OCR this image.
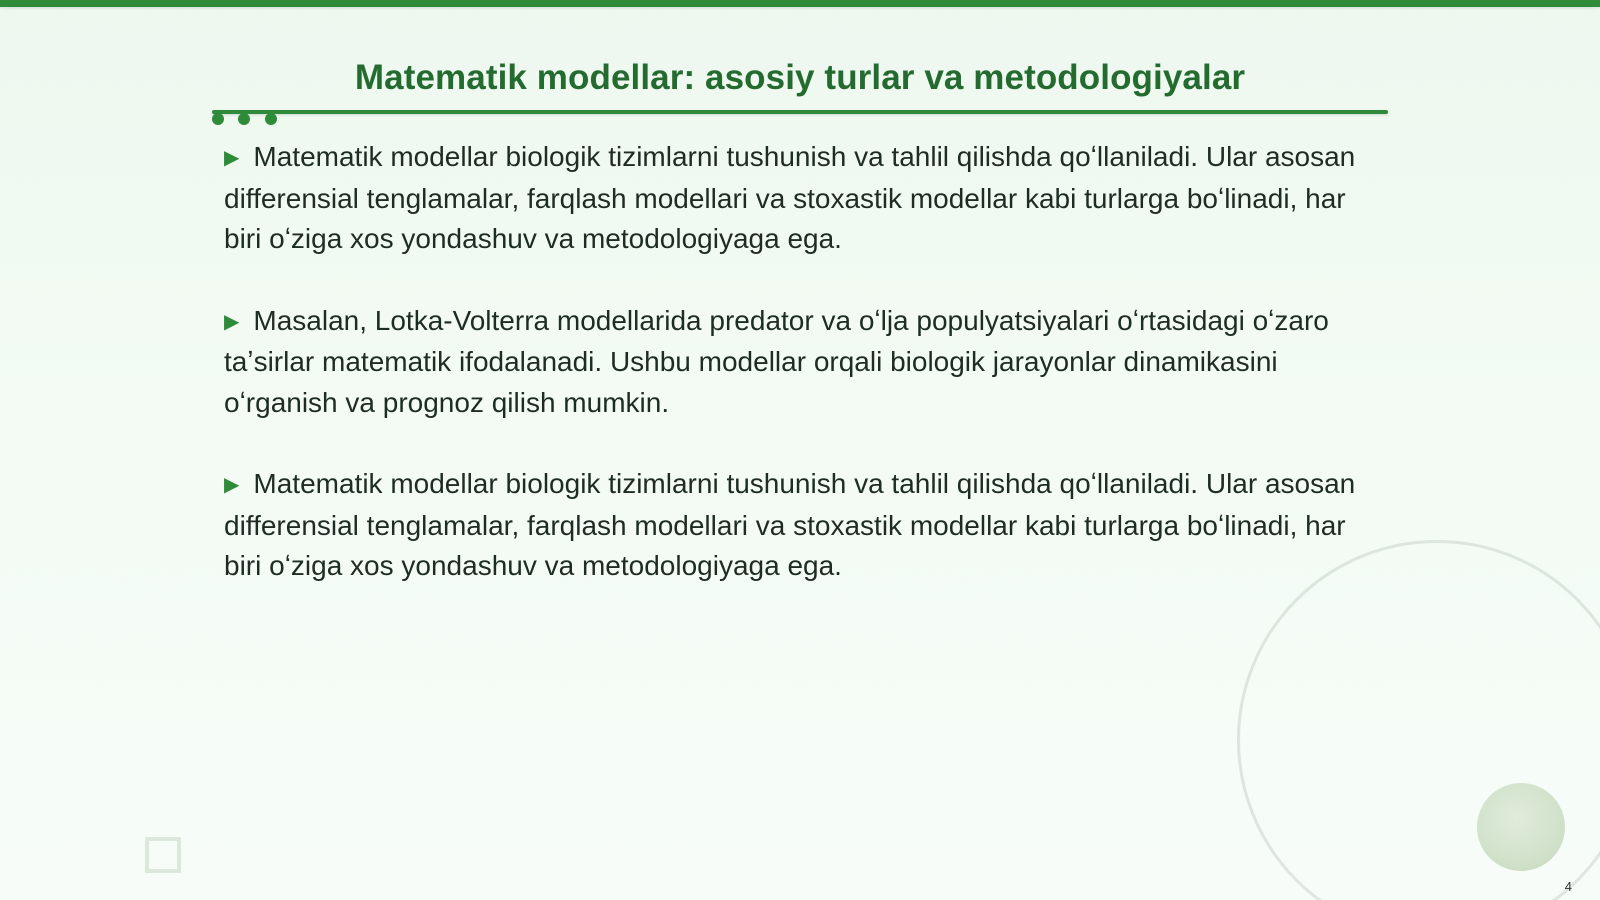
Matematik modellar: asosiy turlar va metodologiyalar

▶ Matematik modellar biologik tizimlarni tushunish va tahlil qilishda qoʻllaniladi. Ular asosan differensial tenglamalar, farqlash modellari va stoxastik modellar kabi turlarga boʻlinadi, har biri oʻziga xos yondashuv va metodologiyaga ega.

▶ Masalan, Lotka-Volterra modellarida predator va oʻlja populyatsiyalari oʻrtasidagi oʻzaro taʼsirlar matematik ifodalanadi. Ushbu modellar orqali biologik jarayonlar dinamikasini oʻrganish va prognoz qilish mumkin.

▶ Matematik modellar biologik tizimlarni tushunish va tahlil qilishda qoʻllaniladi. Ular asosan differensial tenglamalar, farqlash modellari va stoxastik modellar kabi turlarga boʻlinadi, har biri oʻziga xos yondashuv va metodologiyaga ega.

4
